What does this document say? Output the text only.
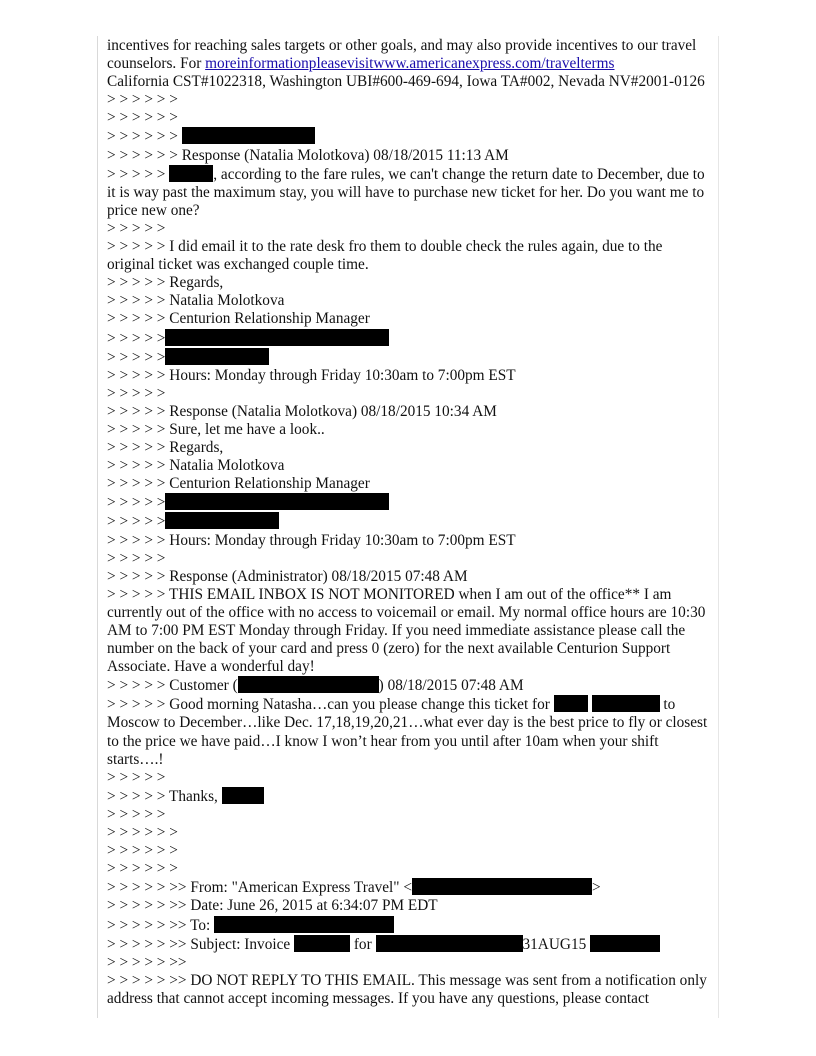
incentives for reaching sales targets or other goals, and may also provide incentives to our travel counselors. For moreinformationpleasevisitwww.americanexpress.com/travelterms
California CST#1022318, Washington UBI#600-469-694, Iowa TA#002, Nevada NV#2001-0126
> > > > > >
> > > > > >
> > > > > >
> > > > > > Response (Natalia Molotkova) 08/18/2015 11:13 AM
> > > > >	, according to the fare rules, we can't change the return date to December, due to it is way past the maximum stay, you will have to purchase new ticket for her. Do you want me to price new one?
> > > > >
> > > > > I did email it to the rate desk fro them to double check the rules again, due to the original ticket was exchanged couple time.
> > > > > Regards,
> > > > > Natalia Molotkova
> > > > > Centurion Relationship Manager
> > > > >
> > > > >
> > > > > Hours: Monday through Friday 10:30am to 7:00pm EST
> > > > >
> > > > > Response (Natalia Molotkova) 08/18/2015 10:34 AM
> > > > > Sure, let me have a look..
> > > > > Regards,
> > > > > Natalia Molotkova
> > > > > Centurion Relationship Manager
> > > > >
> > > > >
> > > > > Hours: Monday through Friday 10:30am to 7:00pm EST
> > > > >
> > > > > Response (Administrator) 08/18/2015 07:48 AM
> > > > > THIS EMAIL INBOX IS NOT MONITORED when I am out of the office** I am currently out of the office with no access to voicemail or email. My normal office hours are 10:30 AM to 7:00 PM EST Monday through Friday. If you need immediate assistance please call the number on the back of your card and press 0 (zero) for the next available Centurion Support Associate. Have a wonderful day!
> > > > > Customer (	) 08/18/2015 07:48 AM
> > > > > Good morning Natasha…can you please change this ticket for	to Moscow to December…like Dec. 17,18,19,20,21…what ever day is the best price to fly or closest to the price we have paid…I know I won’t hear from you until after 10am when your shift starts….!
> > > > >
> > > > > Thanks,
> > > > >
> > > > > >
> > > > > >
> > > > > >
> > > > > >> From: "American Express Travel" <	>
> > > > > >> Date: June 26, 2015 at 6:34:07 PM EDT
> > > > > >> To:
> > > > > >> Subject: Invoice	for	31AUG15
> > > > > >>
> > > > > >> DO NOT REPLY TO THIS EMAIL. This message was sent from a notification only address that cannot accept incoming messages. If you have any questions, please contact
